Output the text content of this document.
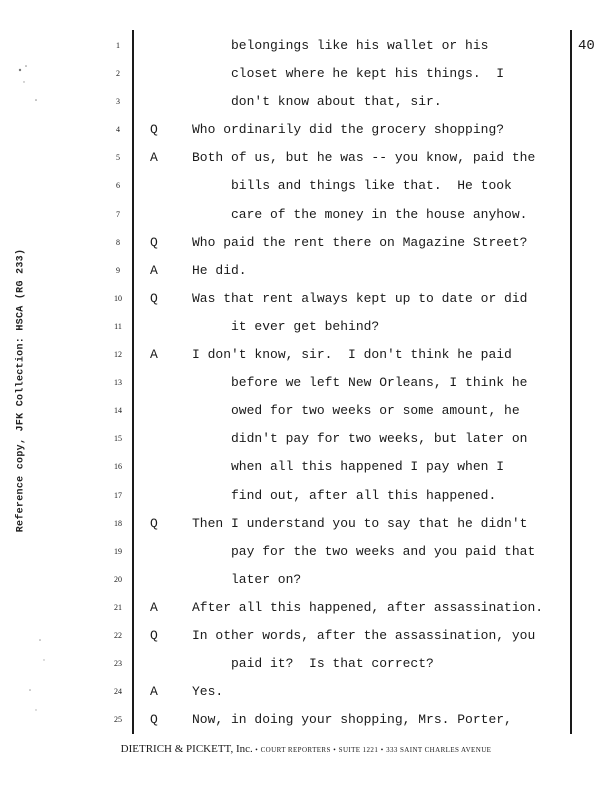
Reference copy, JFK Collection: HSCA (RG 233)
1
2
3
4
5
6
7
8
9
10
11
12
13
14
15
16
17
18
19
20
21
22
23
24
25
40
belongings like his wallet or his
closet where he kept his things.  I
don't know about that, sir.
Q	Who ordinarily did the grocery shopping?
A	Both of us, but he was -- you know, paid the
bills and things like that.  He took
care of the money in the house anyhow.
Q	Who paid the rent there on Magazine Street?
A	He did.
Q	Was that rent always kept up to date or did
it ever get behind?
A	I don't know, sir.  I don't think he paid
before we left New Orleans, I think he
owed for two weeks or some amount, he
didn't pay for two weeks, but later on
when all this happened I pay when I
find out, after all this happened.
Q	Then I understand you to say that he didn't
pay for the two weeks and you paid that
later on?
A	After all this happened, after assassination.
Q	In other words, after the assassination, you
paid it?  Is that correct?
A	Yes.
Q	Now, in doing your shopping, Mrs. Porter,
DIETRICH & PICKETT, Inc. • COURT REPORTERS • SUITE 1221 • 333 SAINT CHARLES AVENUE
